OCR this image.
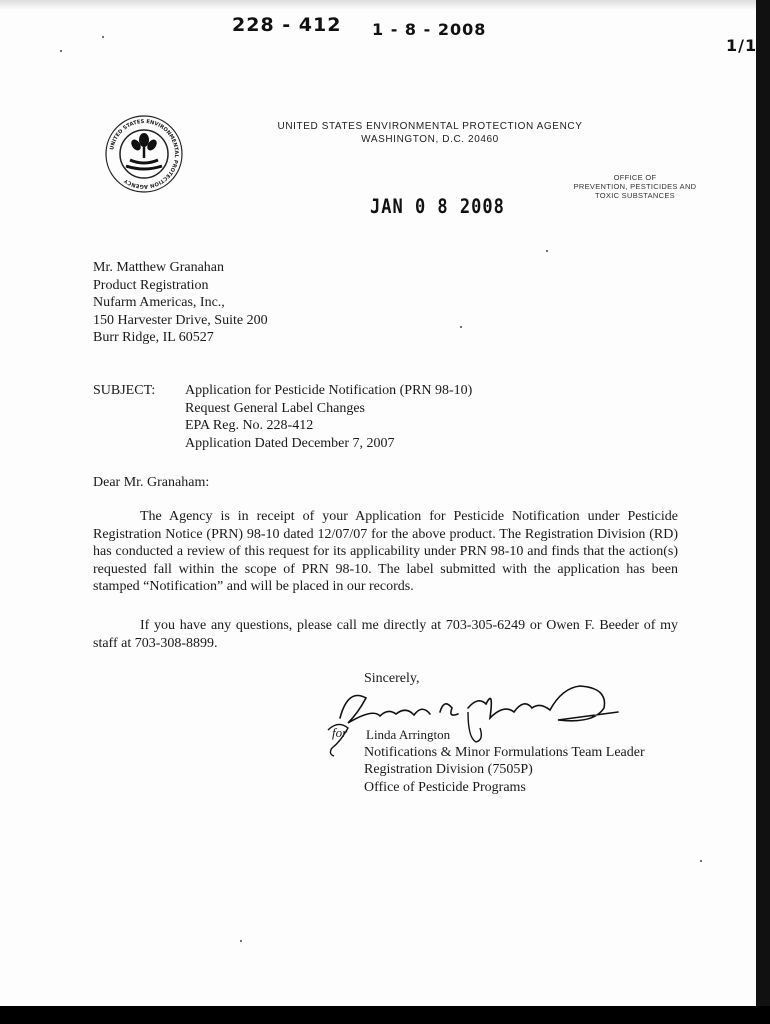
228 - 412 1 - 8 - 2008
1/13
UNITED STATES ENVIRONMENTAL PROTECTION AGENCY
UNITED STATES ENVIRONMENTAL PROTECTION AGENCY
WASHINGTON, D.C. 20460
OFFICE OF
PREVENTION, PESTICIDES AND
TOXIC SUBSTANCES
JAN 0 8 2008
Mr. Matthew Granahan
Product Registration
Nufarm Americas, Inc.,
150 Harvester Drive, Suite 200
Burr Ridge, IL 60527
SUBJECT: Application for Pesticide Notification (PRN 98-10)
Request General Label Changes
EPA Reg. No. 228-412
Application Dated December 7, 2007
Dear Mr. Granaham:
The Agency is in receipt of your Application for Pesticide Notification under Pesticide Registration Notice (PRN) 98-10 dated 12/07/07 for the above product. The Registration Division (RD) has conducted a review of this request for its applicability under PRN 98-10 and finds that the action(s) requested fall within the scope of PRN 98-10. The label submitted with the application has been stamped “Notification” and will be placed in our records.
If you have any questions, please call me directly at 703-305-6249 or Owen F. Beeder of my staff at 703-308-8899.
Sincerely,
for Linda Arrington
Notifications & Minor Formulations Team Leader
Registration Division (7505P)
Office of Pesticide Programs
